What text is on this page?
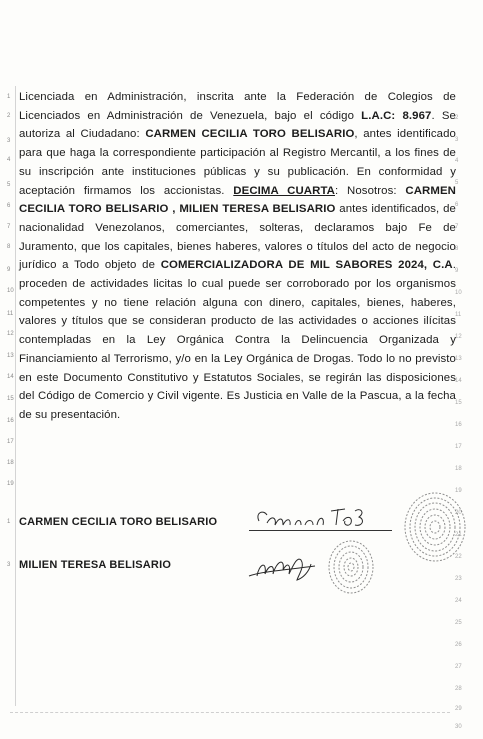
1
2
3
4
5
6
7
8
9
10
11
12
13
14
15
16
17
18
19
1
3
2
3
4
5
6
7
8
9
10
11
12
13
14
15
16
17
18
19
20
21
22
23
24
25
26
27
28
29
30
Licenciada en Administración, inscrita ante la Federación de Colegios de Licenciados en Administración de Venezuela, bajo el código L.A.C: 8.967. Se autoriza al Ciudadano: CARMEN CECILIA TORO BELISARIO, antes identificado para que haga la correspondiente participación al Registro Mercantil, a los fines de su inscripción ante instituciones públicas y su publicación. En conformidad y aceptación firmamos los accionistas. DECIMA CUARTA: Nosotros: CARMEN CECILIA TORO BELISARIO , MILIEN TERESA BELISARIO antes identificados, de nacionalidad Venezolanos, comerciantes, solteras, declaramos bajo Fe de Juramento, que los capitales, bienes haberes, valores o títulos del acto de negocio jurídico a Todo objeto de COMERCIALIZADORA DE MIL SABORES 2024, C.A. proceden de actividades licitas lo cual puede ser corroborado por los organismos competentes y no tiene relación alguna con dinero, capitales, bienes, haberes, valores y títulos que se consideran producto de las actividades o acciones ilícitas contempladas en la Ley Orgánica Contra la Delincuencia Organizada y Financiamiento al Terrorismo, y/o en la Ley Orgánica de Drogas. Todo lo no previsto en este Documento Constitutivo y Estatutos Sociales, se regirán las disposiciones del Código de Comercio y Civil vigente. Es Justicia en Valle de la Pascua, a la fecha de su presentación.
CARMEN CECILIA TORO BELISARIO
MILIEN TERESA BELISARIO
